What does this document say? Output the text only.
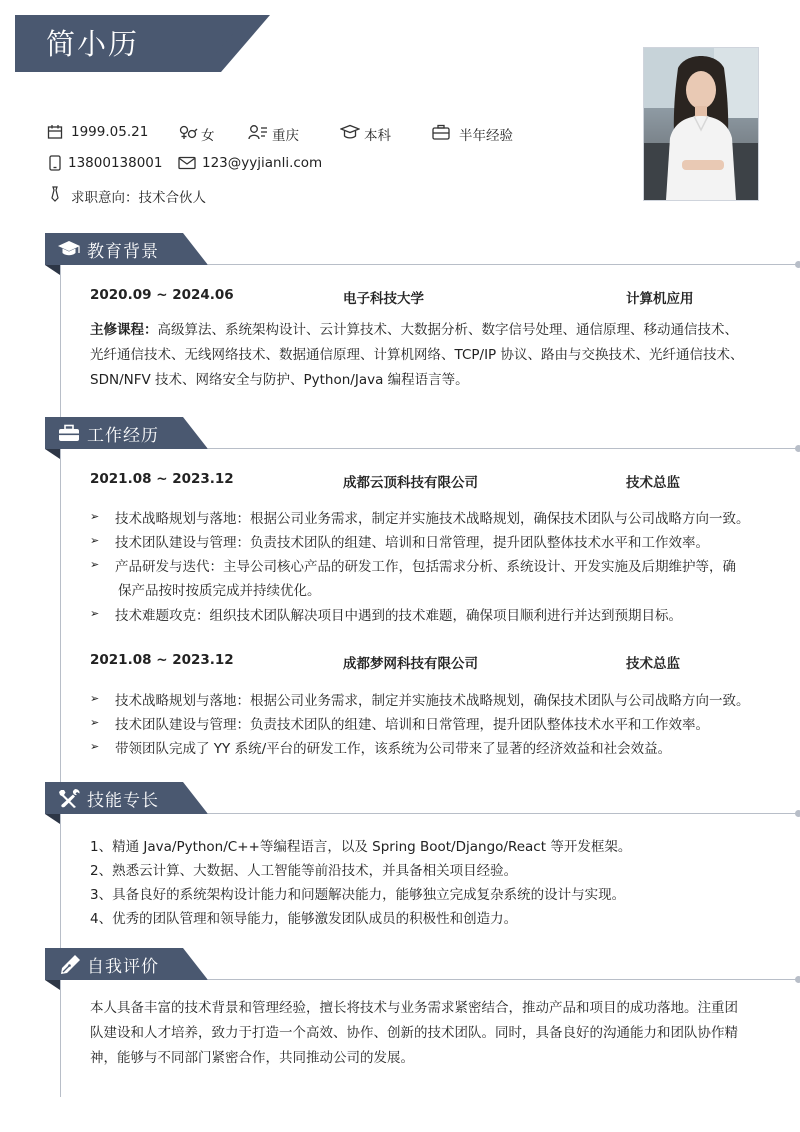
简小历
1999.05.21	女	重庆	本科	半年经验
13800138001	123@yyjianli.com
求职意向：技术合伙人
教育背景
2020.09 ~ 2024.06	电子科技大学	计算机应用
主修课程：高级算法、系统架构设计、云计算技术、大数据分析、数字信号处理、通信原理、移动通信技术、
光纤通信技术、无线网络技术、数据通信原理、计算机网络、TCP/IP 协议、路由与交换技术、光纤通信技术、
SDN/NFV 技术、网络安全与防护、Python/Java 编程语言等。
工作经历
2021.08 ~ 2023.12	成都云顶科技有限公司	技术总监
➢ 技术战略规划与落地：根据公司业务需求，制定并实施技术战略规划，确保技术团队与公司战略方向一致。
➢ 技术团队建设与管理：负责技术团队的组建、培训和日常管理，提升团队整体技术水平和工作效率。
➢ 产品研发与迭代：主导公司核心产品的研发工作，包括需求分析、系统设计、开发实施及后期维护等，确
保产品按时按质完成并持续优化。
➢ 技术难题攻克：组织技术团队解决项目中遇到的技术难题，确保项目顺利进行并达到预期目标。
2021.08 ~ 2023.12	成都梦网科技有限公司	技术总监
➢ 技术战略规划与落地：根据公司业务需求，制定并实施技术战略规划，确保技术团队与公司战略方向一致。
➢ 技术团队建设与管理：负责技术团队的组建、培训和日常管理，提升团队整体技术水平和工作效率。
➢ 带领团队完成了 YY 系统/平台的研发工作，该系统为公司带来了显著的经济效益和社会效益。
技能专长
1、精通 Java/Python/C++等编程语言，以及 Spring Boot/Django/React 等开发框架。
2、熟悉云计算、大数据、人工智能等前沿技术，并具备相关项目经验。
3、具备良好的系统架构设计能力和问题解决能力，能够独立完成复杂系统的设计与实现。
4、优秀的团队管理和领导能力，能够激发团队成员的积极性和创造力。
自我评价
本人具备丰富的技术背景和管理经验，擅长将技术与业务需求紧密结合，推动产品和项目的成功落地。注重团
队建设和人才培养，致力于打造一个高效、协作、创新的技术团队。同时，具备良好的沟通能力和团队协作精
神，能够与不同部门紧密合作，共同推动公司的发展。
